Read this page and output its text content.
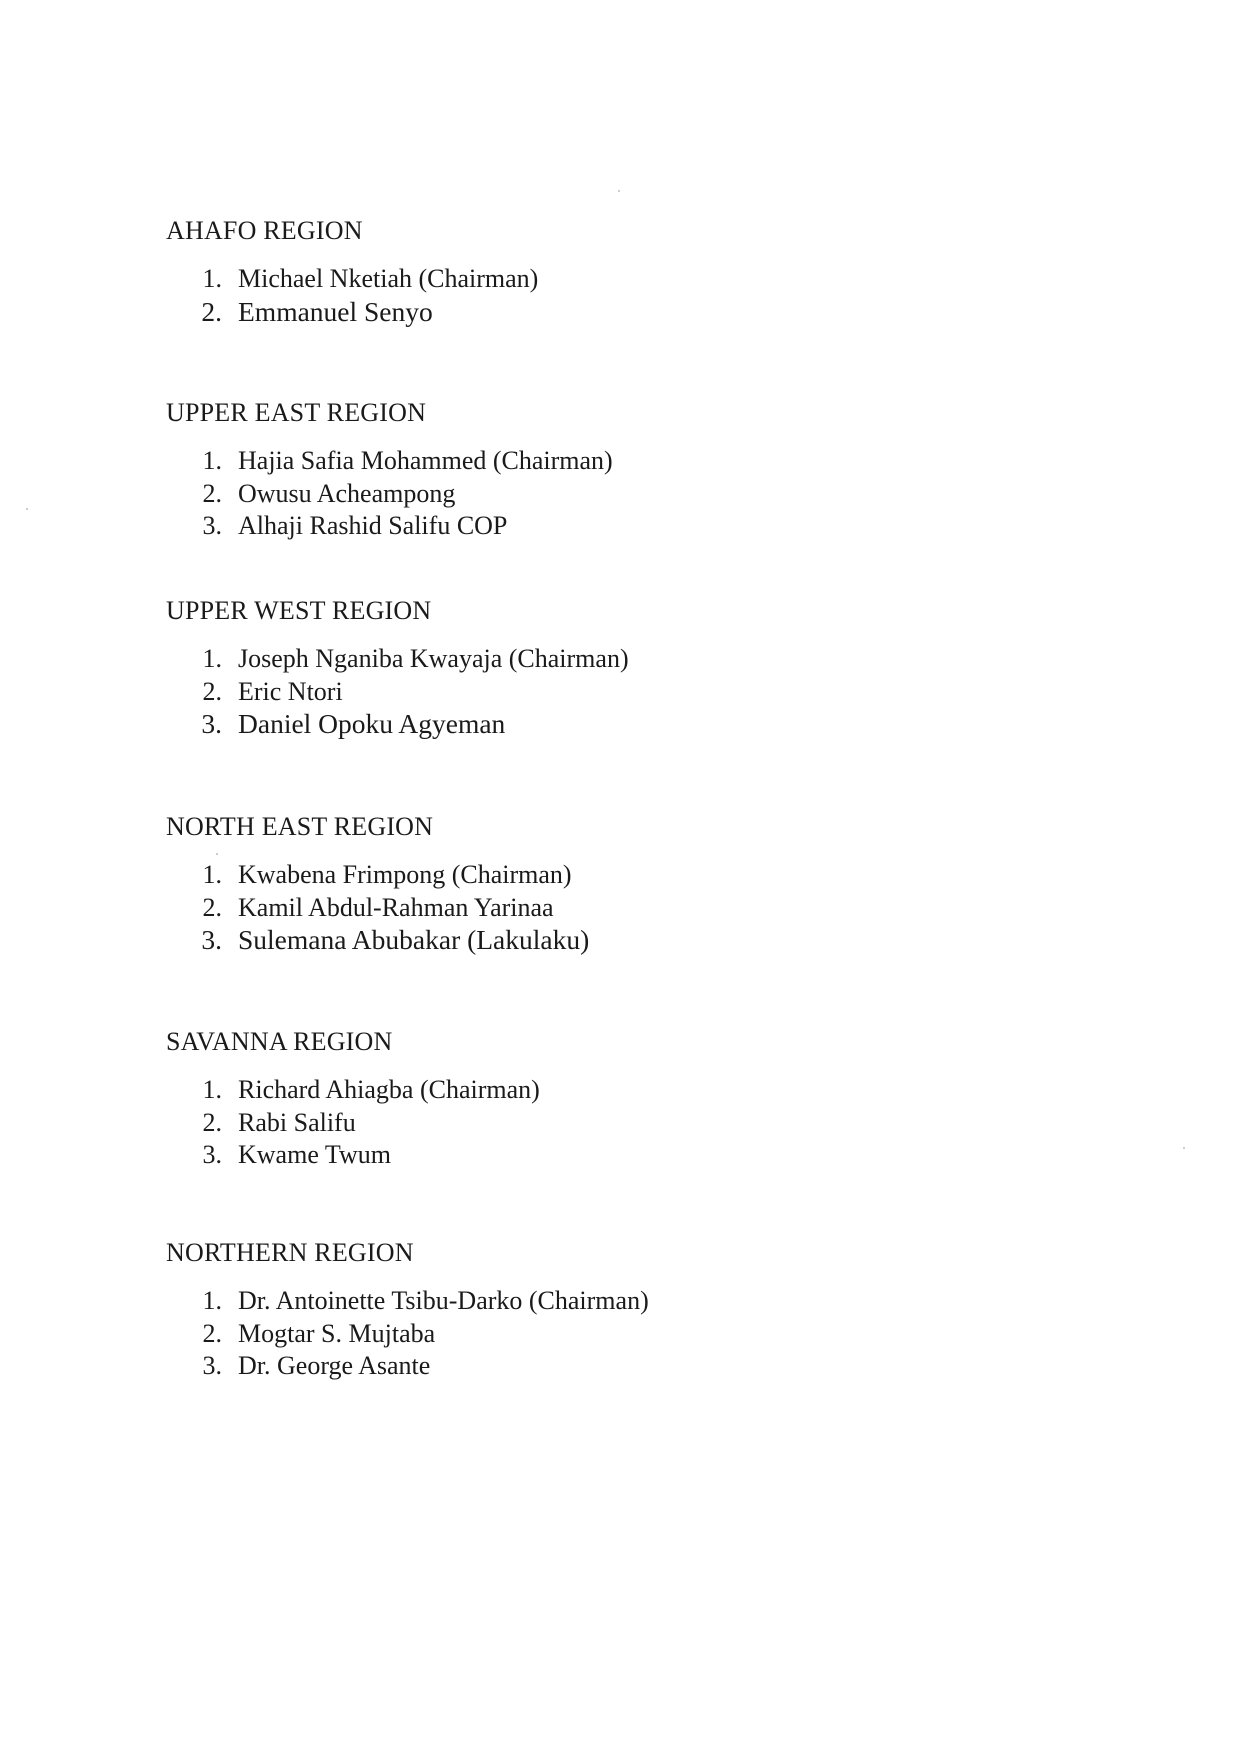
AHAFO REGION
1. Michael Nketiah (Chairman)
2. Emmanuel Senyo
UPPER EAST REGION
1. Hajia Safia Mohammed (Chairman)
2. Owusu Acheampong
3. Alhaji Rashid Salifu COP
UPPER WEST REGION
1. Joseph Nganiba Kwayaja (Chairman)
2. Eric Ntori
3. Daniel Opoku Agyeman
NORTH EAST REGION
1. Kwabena Frimpong (Chairman)
2. Kamil Abdul-Rahman Yarinaa
3. Sulemana Abubakar (Lakulaku)
SAVANNA REGION
1. Richard Ahiagba (Chairman)
2. Rabi Salifu
3. Kwame Twum
NORTHERN REGION
1. Dr. Antoinette Tsibu-Darko (Chairman)
2. Mogtar S. Mujtaba
3. Dr. George Asante
